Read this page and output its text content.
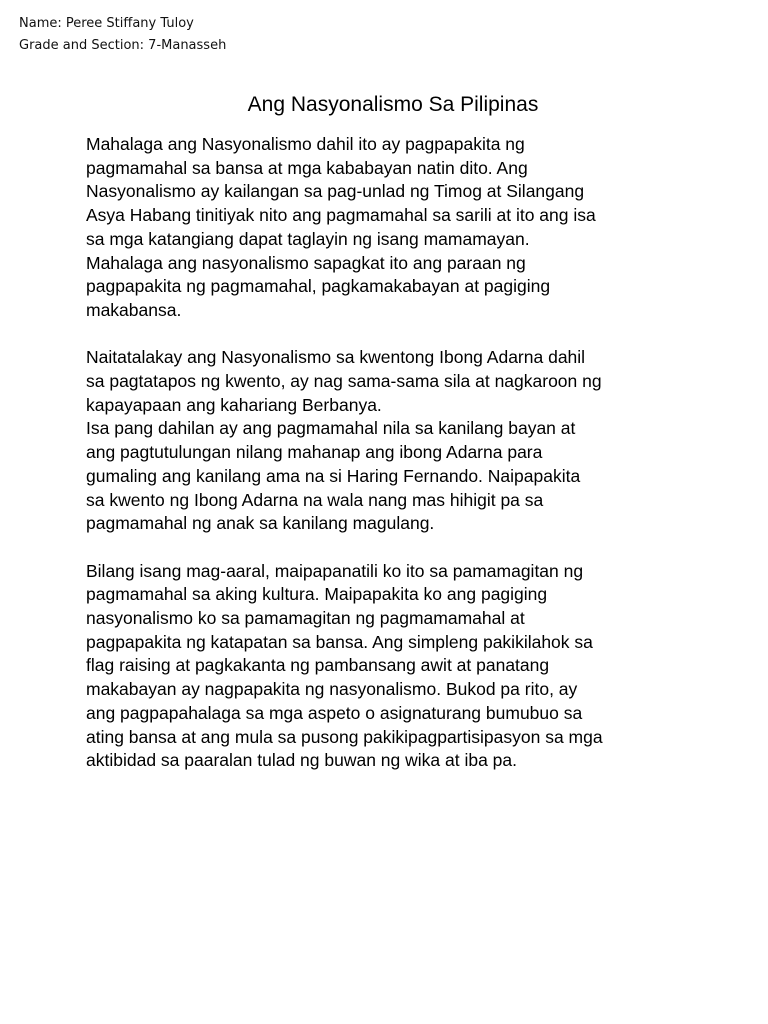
Name: Peree Stiffany Tuloy
Grade and Section: 7-Manasseh
Ang Nasyonalismo Sa Pilipinas

Mahalaga ang Nasyonalismo dahil ito ay pagpapakita ng
pagmamahal sa bansa at mga kababayan natin dito. Ang
Nasyonalismo ay kailangan sa pag-unlad ng Timog at Silangang
Asya Habang tinitiyak nito ang pagmamahal sa sarili at ito ang isa
sa mga katangiang dapat taglayin ng isang mamamayan.
Mahalaga ang nasyonalismo sapagkat ito ang paraan ng
pagpapakita ng pagmamahal, pagkamakabayan at pagiging
makabansa.

Naitatalakay ang Nasyonalismo sa kwentong Ibong Adarna dahil
sa pagtatapos ng kwento, ay nag sama-sama sila at nagkaroon ng
kapayapaan ang kahariang Berbanya.
Isa pang dahilan ay ang pagmamahal nila sa kanilang bayan at
ang pagtutulungan nilang mahanap ang ibong Adarna para
gumaling ang kanilang ama na si Haring Fernando. Naipapakita
sa kwento ng Ibong Adarna na wala nang mas hihigit pa sa
pagmamahal ng anak sa kanilang magulang.

Bilang isang mag-aaral, maipapanatili ko ito sa pamamagitan ng
pagmamahal sa aking kultura. Maipapakita ko ang pagiging
nasyonalismo ko sa pamamagitan ng pagmamamahal at
pagpapakita ng katapatan sa bansa. Ang simpleng pakikilahok sa
flag raising at pagkakanta ng pambansang awit at panatang
makabayan ay nagpapakita ng nasyonalismo. Bukod pa rito, ay
ang pagpapahalaga sa mga aspeto o asignaturang bumubuo sa
ating bansa at ang mula sa pusong pakikipagpartisipasyon sa mga
aktibidad sa paaralan tulad ng buwan ng wika at iba pa.
